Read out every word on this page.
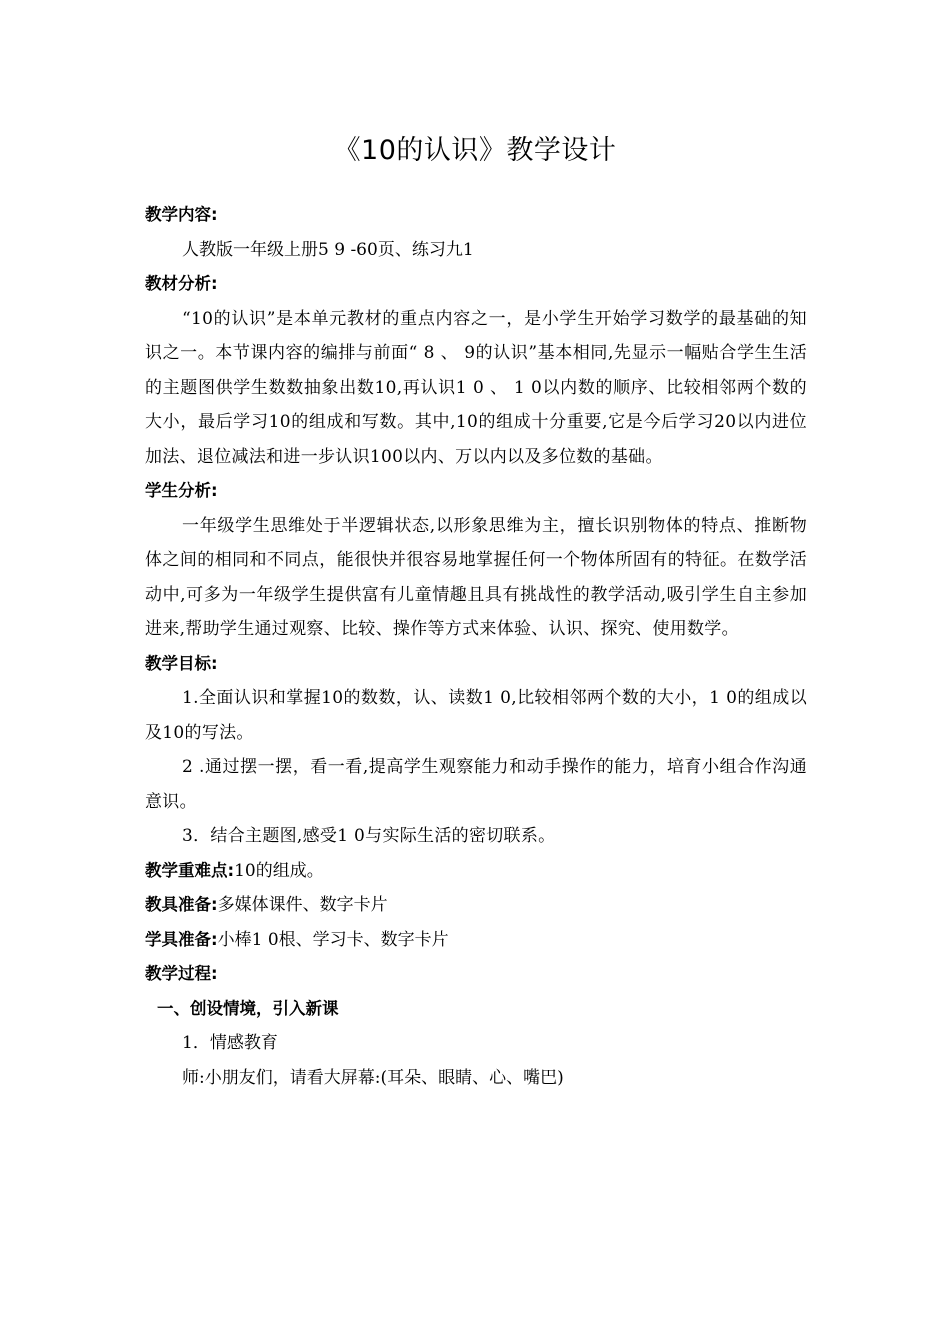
《10的认识》教学设计

教学内容:

人教版一年级上册5 9 -60页、练习九1

教材分析:

“10的认识”是本单元教材的重点内容之一，是小学生开始学习数学的最基础的知识之一。本节课内容的编排与前面“ 8 、 9的认识”基本相同,先显示一幅贴合学生生活的主题图供学生数数抽象出数10,再认识1 0 、 1 0以内数的顺序、比较相邻两个数的大小，最后学习10的组成和写数。其中,10的组成十分重要,它是今后学习20以内进位加法、退位减法和进一步认识100以内、万以内以及多位数的基础。

学生分析:

一年级学生思维处于半逻辑状态,以形象思维为主，擅长识别物体的特点、推断物体之间的相同和不同点，能很快并很容易地掌握任何一个物体所固有的特征。在数学活动中,可多为一年级学生提供富有儿童情趣且具有挑战性的教学活动,吸引学生自主参加进来,帮助学生通过观察、比较、操作等方式来体验、认识、探究、使用数学。

教学目标:

1.全面认识和掌握10的数数，认、读数1 0,比较相邻两个数的大小，1 0的组成以及10的写法。

2 .通过摆一摆，看一看,提高学生观察能力和动手操作的能力，培育小组合作沟通意识。

3．结合主题图,感受1 0与实际生活的密切联系。

教学重难点:10的组成。

教具准备:多媒体课件、数字卡片

学具准备:小棒1 0根、学习卡、数字卡片

教学过程:

一、创设情境，引入新课

1．情感教育

师:小朋友们，请看大屏幕:(耳朵、眼睛、心、嘴巴)
